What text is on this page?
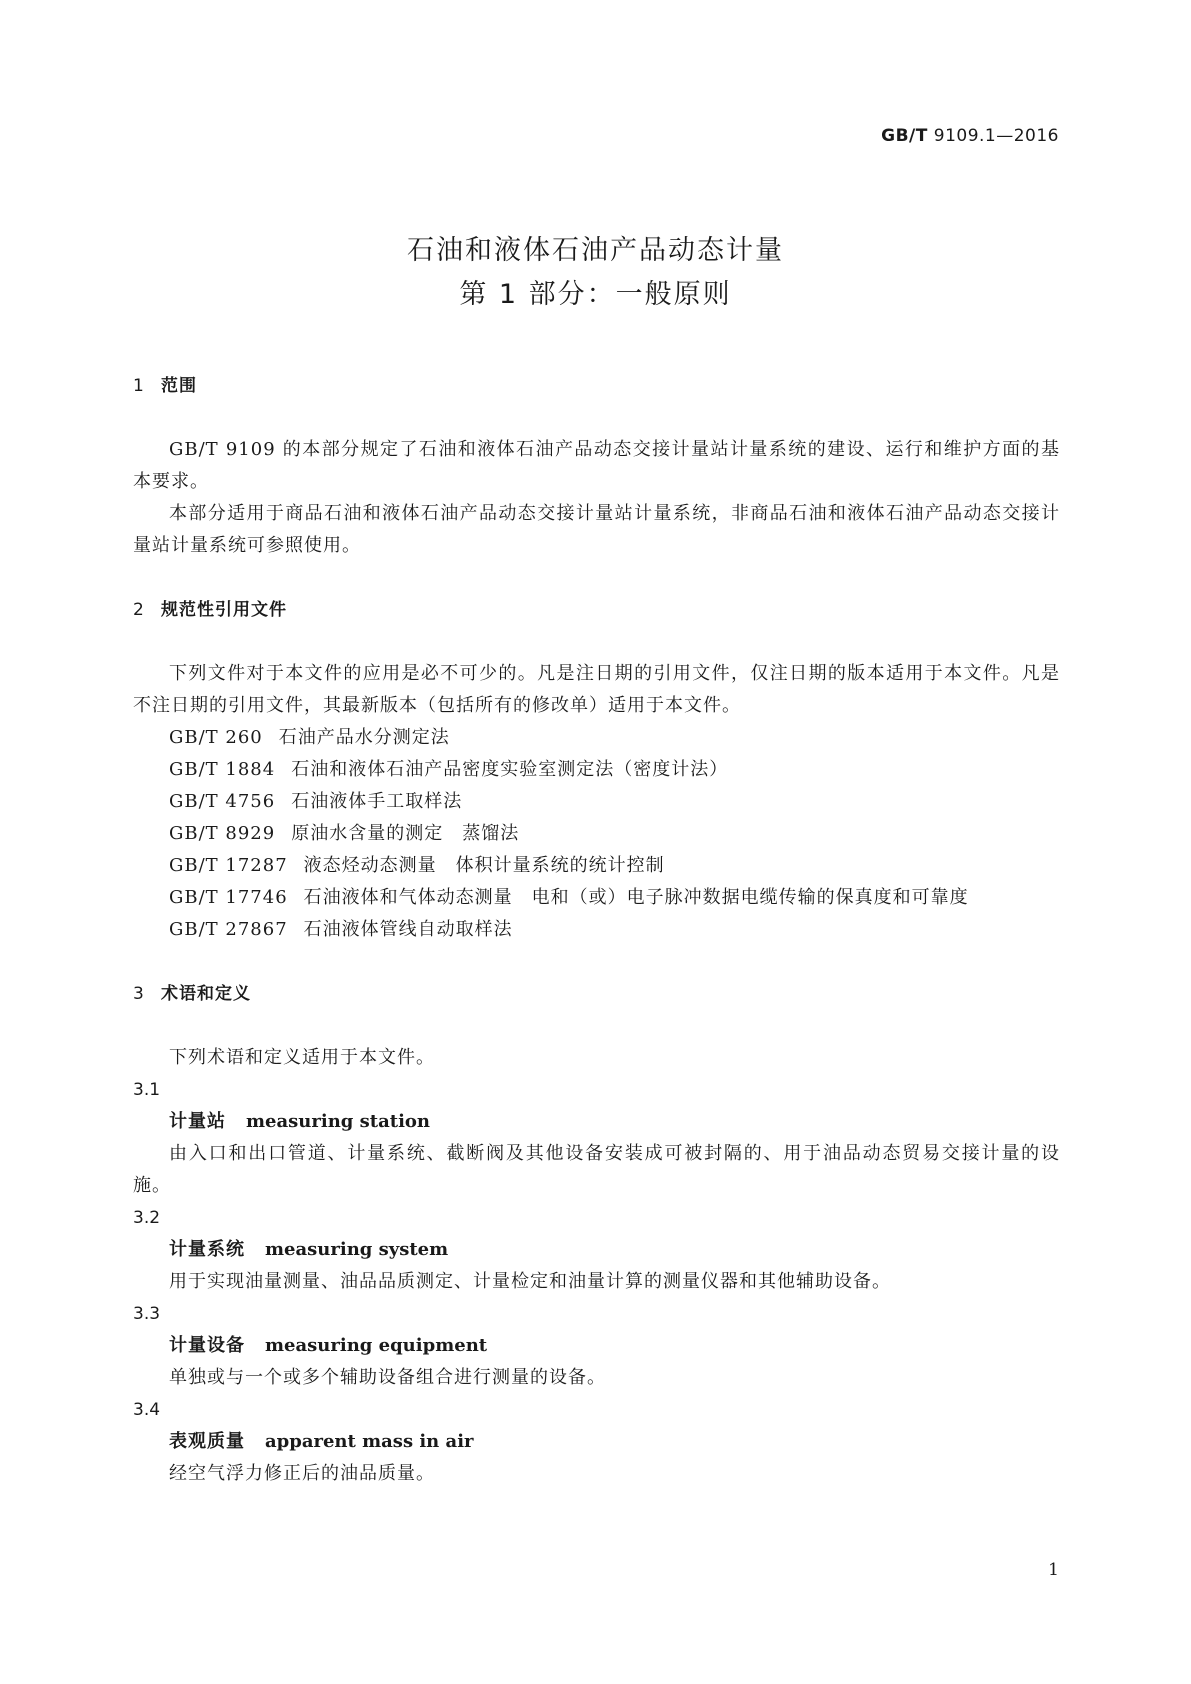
GB/T 9109.1—2016
石油和液体石油产品动态计量
第 1 部分：一般原则
1 范围

GB/T 9109 的本部分规定了石油和液体石油产品动态交接计量站计量系统的建设、运行和维护方面的基本要求。

本部分适用于商品石油和液体石油产品动态交接计量站计量系统，非商品石油和液体石油产品动态交接计量站计量系统可参照使用。

2 规范性引用文件

下列文件对于本文件的应用是必不可少的。凡是注日期的引用文件，仅注日期的版本适用于本文件。凡是不注日期的引用文件，其最新版本（包括所有的修改单）适用于本文件。

GB/T 260 石油产品水分测定法

GB/T 1884 石油和液体石油产品密度实验室测定法（密度计法）

GB/T 4756 石油液体手工取样法

GB/T 8929 原油水含量的测定　蒸馏法

GB/T 17287 液态烃动态测量　体积计量系统的统计控制

GB/T 17746 石油液体和气体动态测量　电和（或）电子脉冲数据电缆传输的保真度和可靠度

GB/T 27867 石油液体管线自动取样法

3 术语和定义

下列术语和定义适用于本文件。

3.1

计量站 measuring station

由入口和出口管道、计量系统、截断阀及其他设备安装成可被封隔的、用于油品动态贸易交接计量的设施。

3.2

计量系统 measuring system

用于实现油量测量、油品品质测定、计量检定和油量计算的测量仪器和其他辅助设备。

3.3

计量设备 measuring equipment

单独或与一个或多个辅助设备组合进行测量的设备。

3.4

表观质量 apparent mass in air

经空气浮力修正后的油品质量。

1
